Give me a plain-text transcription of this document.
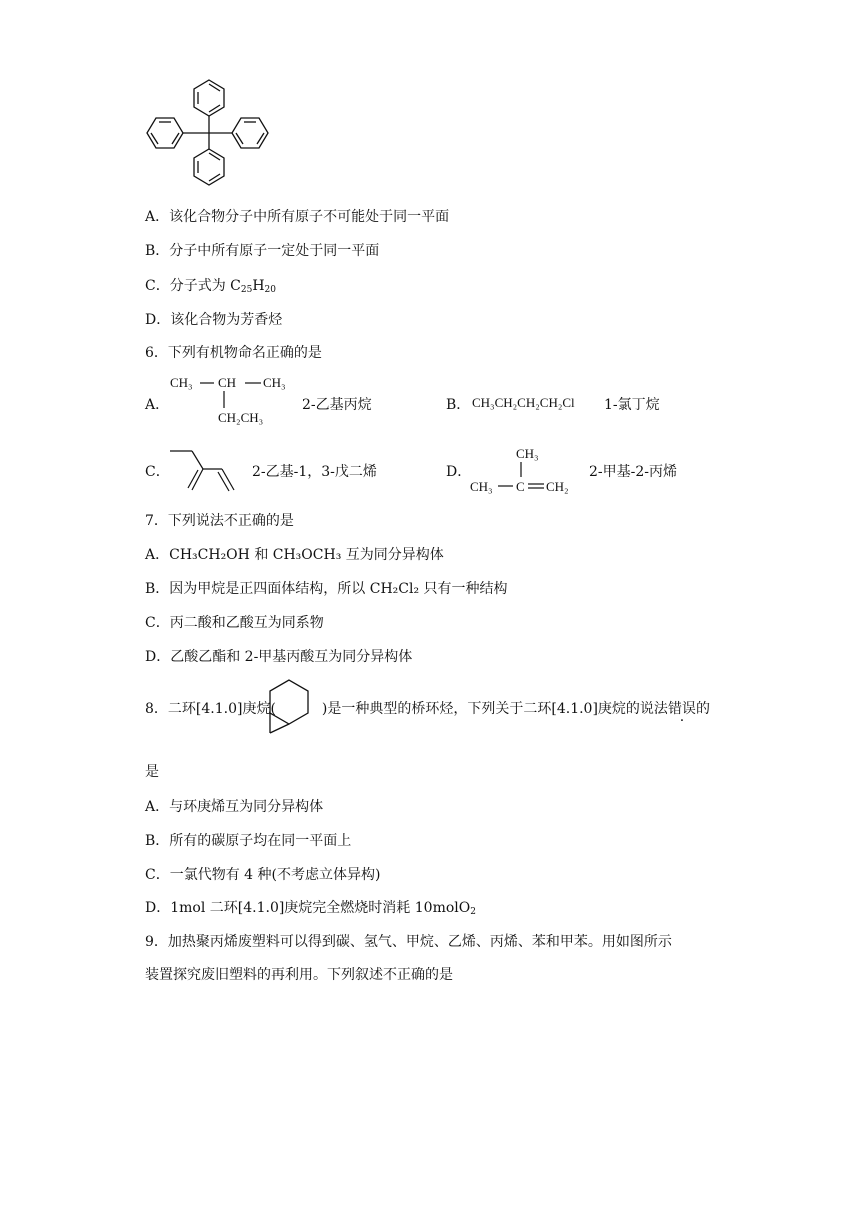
A．该化合物分子中所有原子不可能处于同一平面
B．分子中所有原子一定处于同一平面
C．分子式为 $C_{25}H_{20}$
D．该化合物为芳香烃
6．下列有机物命名正确的是
A．
CH₃ CH CH₃
CH₂CH₃
2-乙基丙烷	B． CH₃CH₂CH₂CH₂Cl 1-氯丁烷
C．	2-乙基-1，3-戊二烯	D．
CH₃
CH₃ C CH₂
2-甲基-2-丙烯
7．下列说法不正确的是
A．CH₃CH₂OH 和 CH₃OCH₃ 互为同分异构体
B．因为甲烷是正四面体结构，所以 CH₂Cl₂ 只有一种结构
C．丙二酸和乙酸互为同系物
D．乙酸乙酯和 2-甲基丙酸互为同分异构体
8．二环[4.1.0]庚烷(	)是一种典型的桥环烃，下列关于二环[4.1.0]庚烷的说法错误的
是
A．与环庚烯互为同分异构体
B．所有的碳原子均在同一平面上
C．一氯代物有 4 种(不考虑立体异构)
D．1mol 二环[4.1.0]庚烷完全燃烧时消耗 10molO$_2$
9．加热聚丙烯废塑料可以得到碳、氢气、甲烷、乙烯、丙烯、苯和甲苯。用如图所示
装置探究废旧塑料的再利用。下列叙述不正确的是
